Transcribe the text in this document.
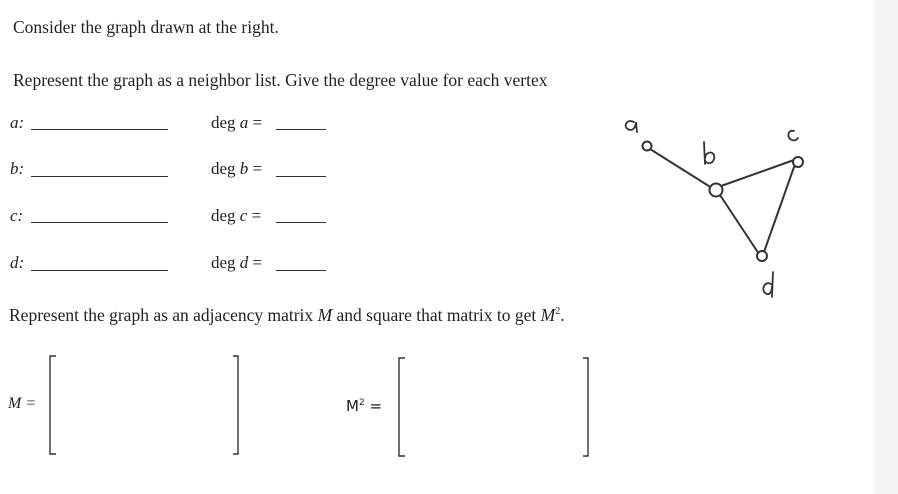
Consider the graph drawn at the right.
Represent the graph as a neighbor list. Give the degree value for each vertex
a:	deg a =
b:	deg b =
c:	deg c =
d:	deg d =
Represent the graph as an adjacency matrix M and square that matrix to get $M^2$.
M =	$M^2$ =
